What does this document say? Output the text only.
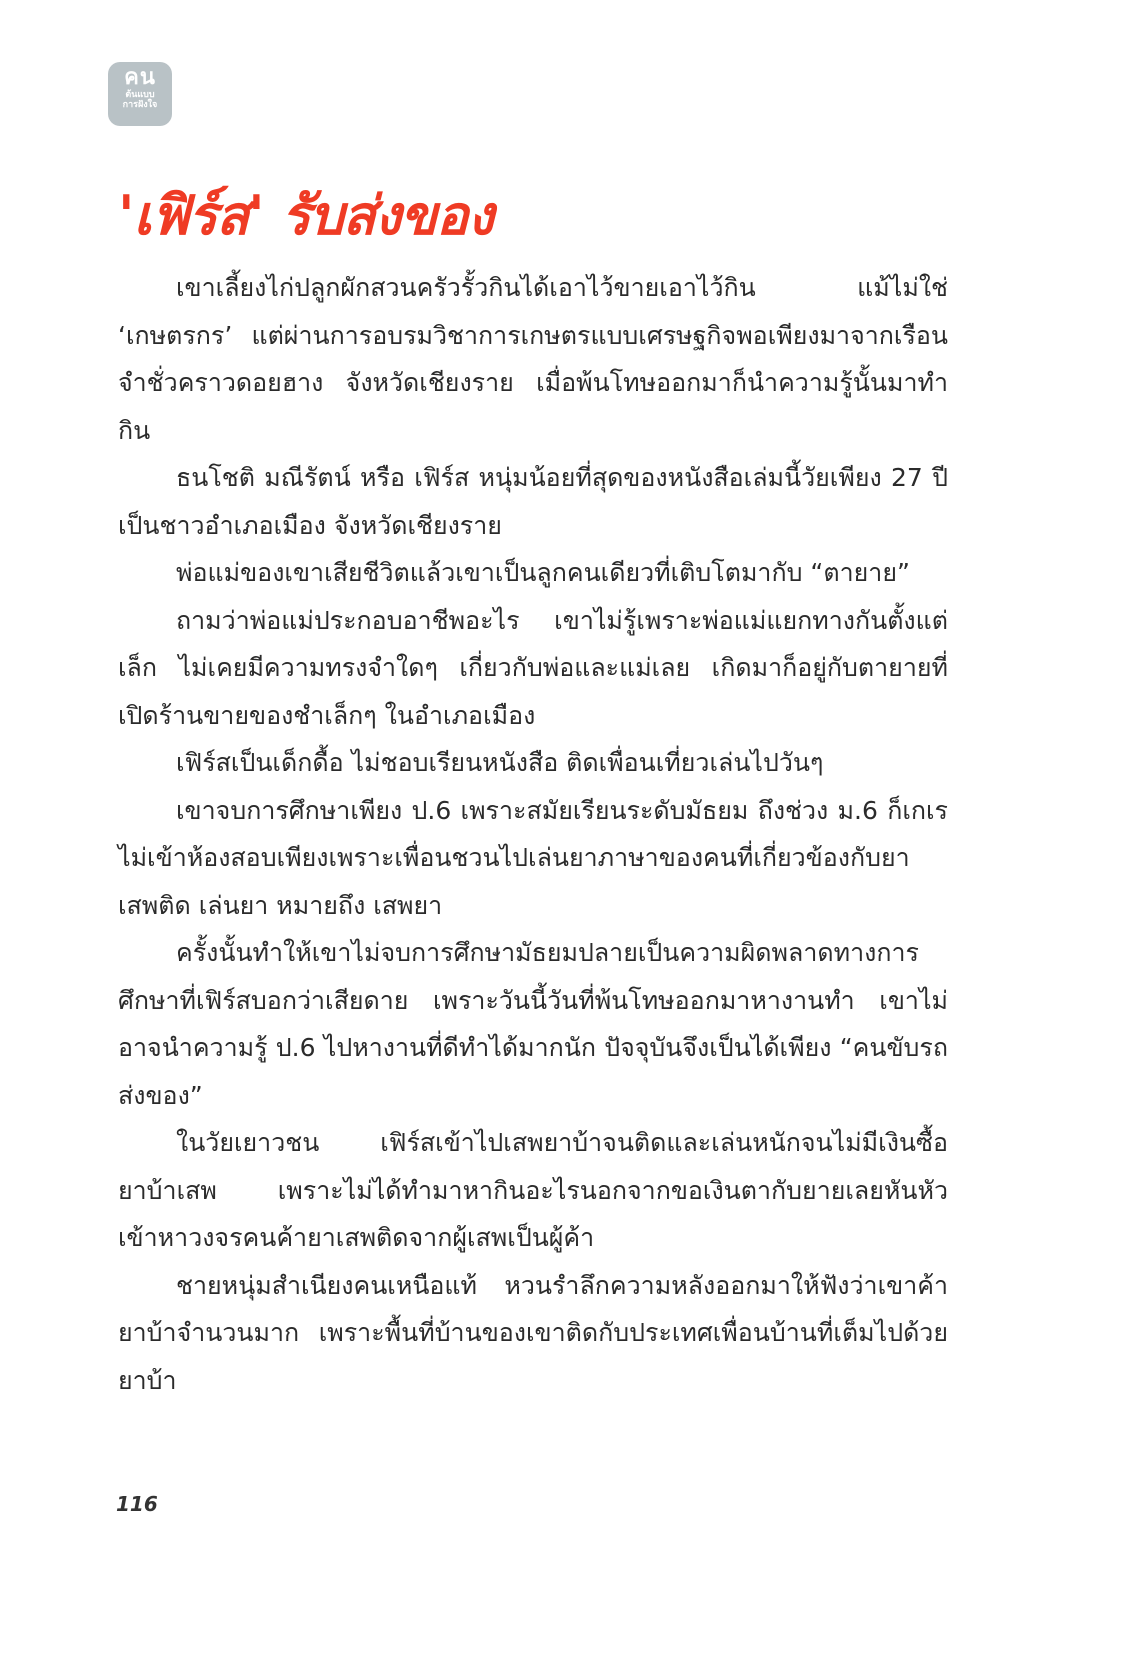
คน
ต้นแบบ
การฝังใจ
'เฟิร์ส' รับส่งของ

เขาเลี้ยงไก่ปลูกผักสวนครัวรั้วกินได้เอาไว้ขายเอาไว้กิน แม้ไม่ใช่ ‘เกษตรกร’ แต่ผ่านการอบรมวิชาการเกษตรแบบเศรษฐกิจพอเพียงมาจากเรือนจำชั่วคราวดอยฮาง จังหวัดเชียงราย เมื่อพ้นโทษออกมาก็นำความรู้นั้นมาทำกิน

ธนโชติ มณีรัตน์ หรือ เฟิร์ส หนุ่มน้อยที่สุดของหนังสือเล่มนี้วัยเพียง 27 ปี เป็นชาวอำเภอเมือง จังหวัดเชียงราย

พ่อแม่ของเขาเสียชีวิตแล้วเขาเป็นลูกคนเดียวที่เติบโตมากับ “ตายาย”

ถามว่าพ่อแม่ประกอบอาชีพอะไร เขาไม่รู้เพราะพ่อแม่แยกทางกันตั้งแต่เล็ก ไม่เคยมีความทรงจำใดๆ เกี่ยวกับพ่อและแม่เลย เกิดมาก็อยู่กับตายายที่เปิดร้านขายของชำเล็กๆ ในอำเภอเมือง

เฟิร์สเป็นเด็กดื้อ ไม่ชอบเรียนหนังสือ ติดเพื่อนเที่ยวเล่นไปวันๆ

เขาจบการศึกษาเพียง ป.6 เพราะสมัยเรียนระดับมัธยม ถึงช่วง ม.6 ก็เกเรไม่เข้าห้องสอบเพียงเพราะเพื่อนชวนไปเล่นยาภาษาของคนที่เกี่ยวข้องกับยาเสพติด เล่นยา หมายถึง เสพยา

ครั้งนั้นทำให้เขาไม่จบการศึกษามัธยมปลายเป็นความผิดพลาดทางการศึกษาที่เฟิร์สบอกว่าเสียดาย เพราะวันนี้วันที่พ้นโทษออกมาหางานทำ เขาไม่อาจนำความรู้ ป.6 ไปหางานที่ดีทำได้มากนัก ปัจจุบันจึงเป็นได้เพียง “คนขับรถส่งของ”

ในวัยเยาวชน เฟิร์สเข้าไปเสพยาบ้าจนติดและเล่นหนักจนไม่มีเงินซื้อยาบ้าเสพ เพราะไม่ได้ทำมาหากินอะไรนอกจากขอเงินตากับยายเลยหันหัวเข้าหาวงจรคนค้ายาเสพติดจากผู้เสพเป็นผู้ค้า

ชายหนุ่มสำเนียงคนเหนือแท้ หวนรำลึกความหลังออกมาให้ฟังว่าเขาค้ายาบ้าจำนวนมาก เพราะพื้นที่บ้านของเขาติดกับประเทศเพื่อนบ้านที่เต็มไปด้วยยาบ้า

116
